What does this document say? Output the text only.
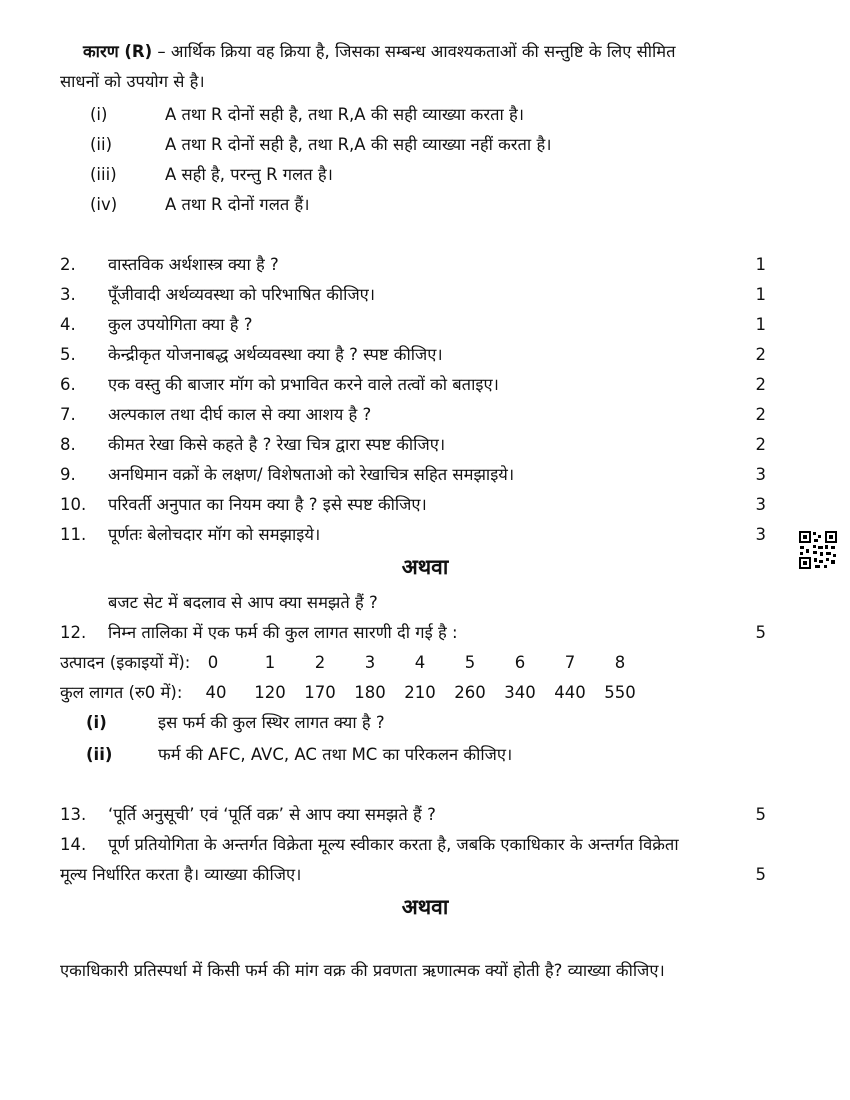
कारण (R) – आर्थिक क्रिया वह क्रिया है, जिसका सम्बन्ध आवश्यकताओं की सन्तुष्टि के लिए सीमित
साधनों को उपयोग से है।
(i)	A तथा R दोनों सही है, तथा R,A की सही व्याख्या करता है।
(ii)	A तथा R दोनों सही है, तथा R,A की सही व्याख्या नहीं करता है।
(iii)	A सही है, परन्तु R गलत है।
(iv)	A तथा R दोनों गलत हैं।
2. वास्तविक अर्थशास्त्र क्या है ?	1
3. पूँजीवादी अर्थव्यवस्था को परिभाषित कीजिए।	1
4. कुल उपयोगिता क्या है ?	1
5. केन्द्रीकृत योजनाबद्ध अर्थव्यवस्था क्या है ? स्पष्ट कीजिए।	2
6. एक वस्तु की बाजार मॉग को प्रभावित करने वाले तत्वों को बताइए।	2
7. अल्पकाल तथा दीर्घ काल से क्या आशय है ?	2
8. कीमत रेखा किसे कहते है ? रेखा चित्र द्वारा स्पष्ट कीजिए।	2
9. अनधिमान वक्रों के लक्षण/ विशेषताओ को रेखाचित्र सहित समझाइये।	3
10. परिवर्ती अनुपात का नियम क्या है ? इसे स्पष्ट कीजिए।	3
11. पूर्णतः बेलोचदार मॉग को समझाइये।	3
अथवा
बजट सेट में बदलाव से आप क्या समझते हैं ?
12. निम्न तालिका में एक फर्म की कुल लागत सारणी दी गई है :	5
उत्पादन (इकाइयों में):	0	1	2	3	4	5	6	7	8
कुल लागत (रु0 में):	40	120	170	180	210	260	340	440	550
(i)	इस फर्म की कुल स्थिर लागत क्या है ?
(ii)	फर्म की AFC, AVC, AC तथा MC का परिकलन कीजिए।
13. ‘पूर्ति अनुसूची’ एवं ‘पूर्ति वक्र’ से आप क्या समझते हैं ?	5
14. पूर्ण प्रतियोगिता के अन्तर्गत विक्रेता मूल्य स्वीकार करता है, जबकि एकाधिकार के अन्तर्गत विक्रेता
मूल्य निर्धारित करता है। व्याख्या कीजिए।	5
अथवा
एकाधिकारी प्रतिस्पर्धा में किसी फर्म की मांग वक्र की प्रवणता ऋणात्मक क्यों होती है? व्याख्या कीजिए।
